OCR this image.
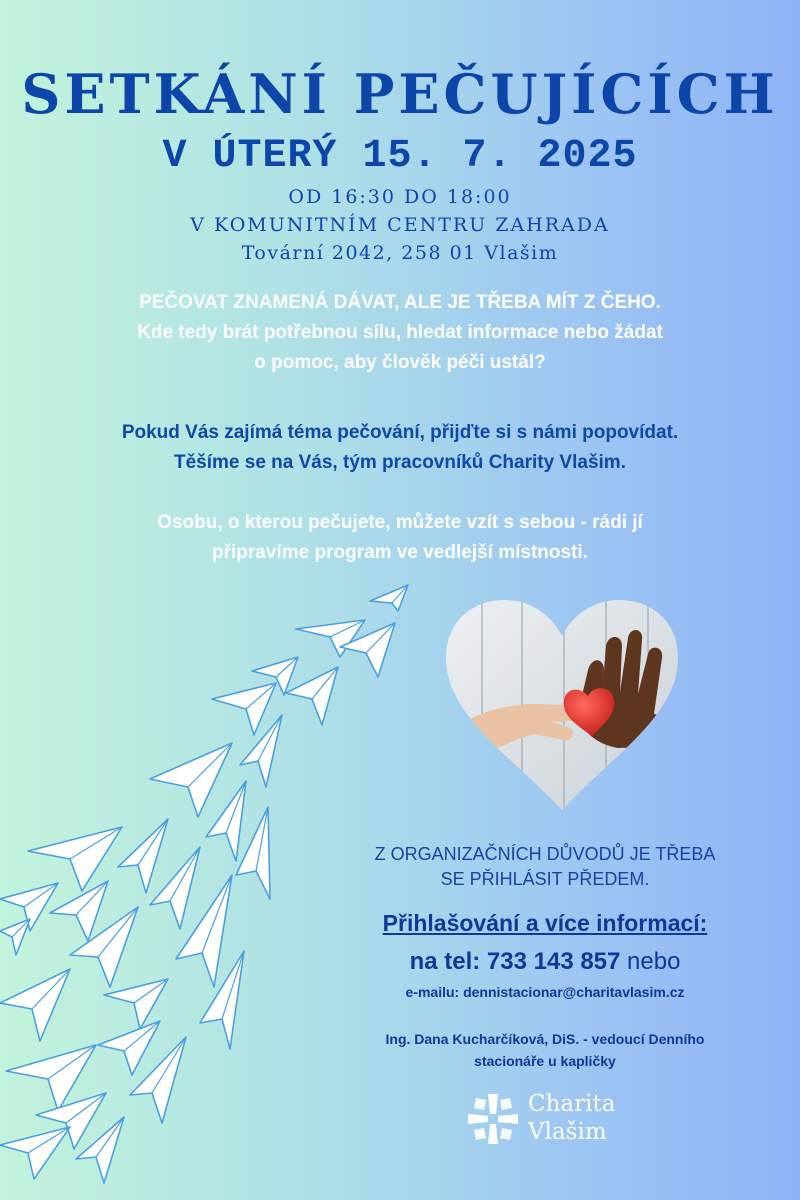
SETKÁNÍ PEČUJÍCÍCH
V ÚTERÝ 15. 7. 2025
OD 16:30 DO 18:00
V KOMUNITNÍM CENTRU ZAHRADA
Tovární 2042, 258 01 Vlašim
PEČOVAT ZNAMENÁ DÁVAT, ALE JE TŘEBA MÍT Z ČEHO.
Kde tedy brát potřebnou sílu, hledat informace nebo žádat
o pomoc, aby člověk péči ustál?
Pokud Vás zajímá téma pečování, přijďte si s námi popovídat.
Těšíme se na Vás, tým pracovníků Charity Vlašim.
Osobu, o kterou pečujete, můžete vzít s sebou - rádi jí
připravíme program ve vedlejší místnosti.
Z ORGANIZAČNÍCH DŮVODŮ JE TŘEBA
SE PŘIHLÁSIT PŘEDEM.
Přihlašování a více informací:
na tel: 733 143 857 nebo
e-mailu: dennistacionar@charitavlasim.cz
Ing. Dana Kucharčíková, DiS. - vedoucí Denního
stacionáře u kapličky
Charita
Vlašim
